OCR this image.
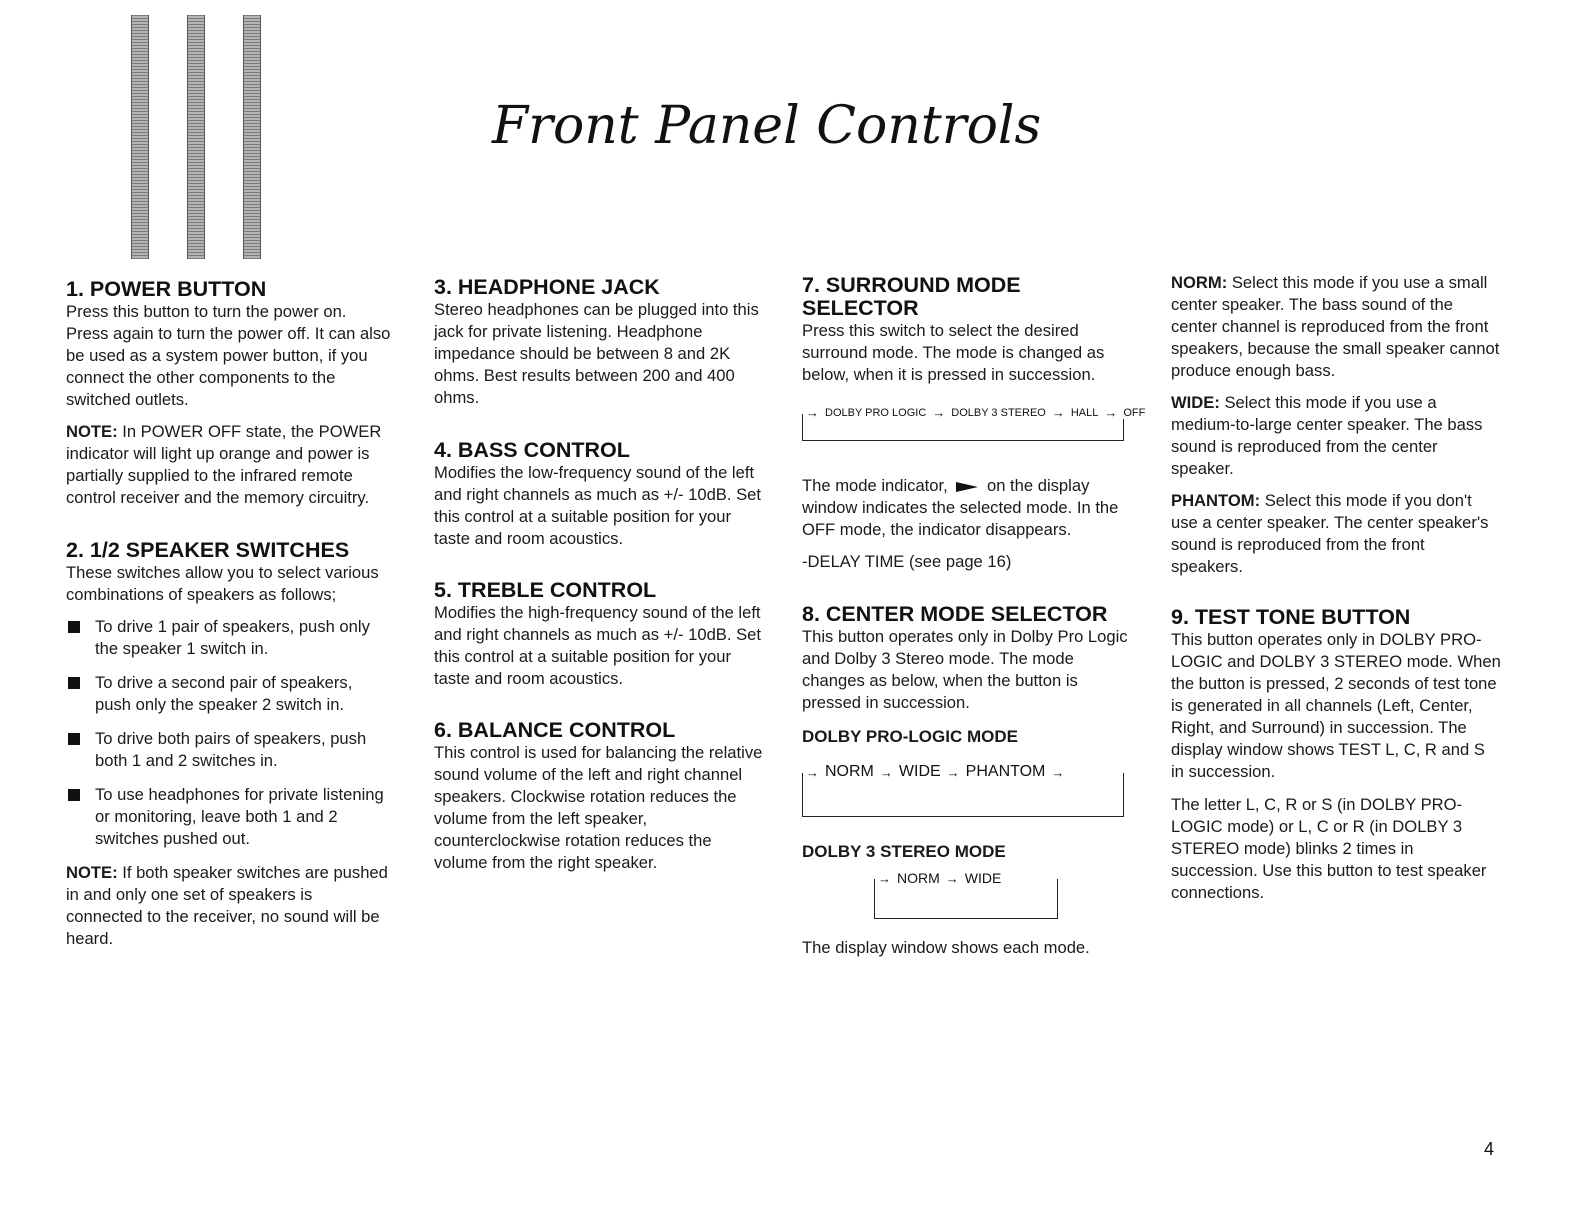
Front Panel Controls
1. POWER BUTTON

Press this button to turn the power on. Press again to turn the power off. It can also be used as a system power button, if you connect the other components to the switched outlets.

NOTE: In POWER OFF state, the POWER indicator will light up orange and power is partially supplied to the infrared remote control receiver and the memory circuitry.

2. 1/2 SPEAKER SWITCHES

These switches allow you to select various combinations of speakers as follows;

To drive 1 pair of speakers, push only the speaker 1 switch in.
To drive a second pair of speakers, push only the speaker 2 switch in.
To drive both pairs of speakers, push both 1 and 2 switches in.
To use headphones for private listening or monitoring, leave both 1 and 2 switches pushed out.

NOTE: If both speaker switches are pushed in and only one set of speakers is connected to the receiver, no sound will be heard.

3. HEADPHONE JACK

Stereo headphones can be plugged into this jack for private listening. Headphone impedance should be between 8 and 2K ohms. Best results between 200 and 400 ohms.

4. BASS CONTROL

Modifies the low-frequency sound of the left and right channels as much as +/- 10dB. Set this control at a suitable position for your taste and room acoustics.

5. TREBLE CONTROL

Modifies the high-frequency sound of the left and right channels as much as +/- 10dB. Set this control at a suitable position for your taste and room acoustics.

6. BALANCE CONTROL

This control is used for balancing the relative sound volume of the left and right channel speakers. Clockwise rotation reduces the volume from the left speaker, counterclockwise rotation reduces the volume from the right speaker.

7. SURROUND MODE SELECTOR

Press this switch to select the desired surround mode. The mode is changed as below, when it is pressed in succession.

→ DOLBY PRO LOGIC → DOLBY 3 STEREO → HALL → OFF

The mode indicator,  on the display window indicates the selected mode. In the OFF mode, the indicator disappears.

-DELAY TIME (see page 16)

8. CENTER MODE SELECTOR

This button operates only in Dolby Pro Logic and Dolby 3 Stereo mode. The mode changes as below, when the button is pressed in succession.

DOLBY PRO-LOGIC MODE

→ NORM → WIDE → PHANTOM →

DOLBY 3 STEREO MODE

→ NORM → WIDE

The display window shows each mode.

NORM: Select this mode if you use a small center speaker. The bass sound of the center channel is reproduced from the front speakers, because the small speaker cannot produce enough bass.

WIDE: Select this mode if you use a medium-to-large center speaker. The bass sound is reproduced from the center speaker.

PHANTOM: Select this mode if you don't use a center speaker. The center speaker's sound is reproduced from the front speakers.

9. TEST TONE BUTTON

This button operates only in DOLBY PRO-LOGIC and DOLBY 3 STEREO mode. When the button is pressed, 2 seconds of test tone is generated in all channels (Left, Center, Right, and Surround) in succession. The display window shows TEST L, C, R and S in succession.

The letter L, C, R or S (in DOLBY PRO-LOGIC mode) or L, C or R (in DOLBY 3 STEREO mode) blinks 2 times in succession. Use this button to test speaker connections.

4
